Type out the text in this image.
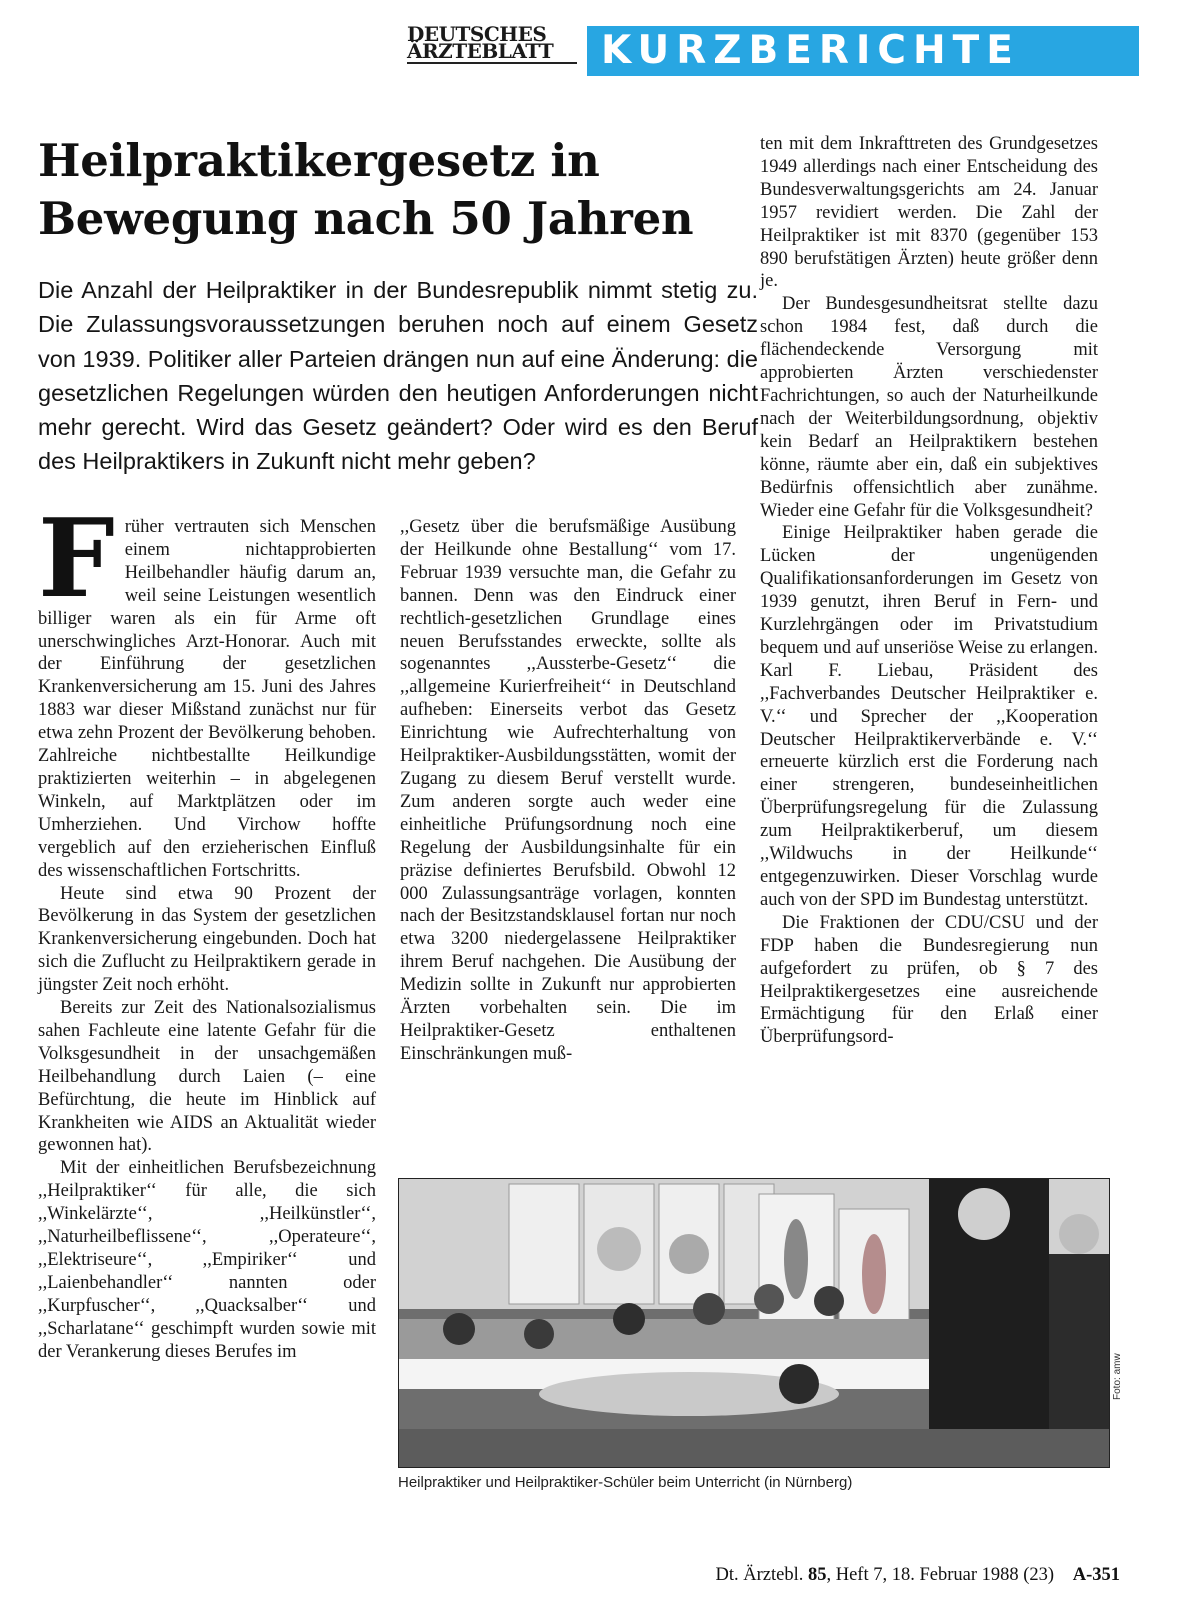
DEUTSCHES
ÄRZTEBLATT	KURZBERICHTE
Heilpraktikergesetz in
Bewegung nach 50 Jahren

Die Anzahl der Heilpraktiker in der Bundesrepublik nimmt stetig zu. Die Zulassungsvoraussetzungen beruhen noch auf einem Gesetz von 1939. Politiker aller Parteien drängen nun auf eine Änderung: die gesetzlichen Regelungen würden den heutigen Anforderungen nicht mehr gerecht. Wird das Gesetz geändert? Oder wird es den Beruf des Heilpraktikers in Zukunft nicht mehr geben?

Früher vertrauten sich Menschen einem nichtapprobierten Heilbehandler häufig darum an, weil seine Leistungen wesentlich billiger waren als ein für Arme oft unerschwingliches Arzt-Honorar. Auch mit der Einführung der gesetzlichen Krankenversicherung am 15. Juni des Jahres 1883 war dieser Mißstand zunächst nur für etwa zehn Prozent der Bevölkerung behoben. Zahlreiche nichtbestallte Heilkundige praktizierten weiterhin – in abgelegenen Winkeln, auf Marktplätzen oder im Umherziehen. Und Virchow hoffte vergeblich auf den erzieherischen Einfluß des wissenschaftlichen Fortschritts.

Heute sind etwa 90 Prozent der Bevölkerung in das System der gesetzlichen Krankenversicherung eingebunden. Doch hat sich die Zuflucht zu Heilpraktikern gerade in jüngster Zeit noch erhöht.

Bereits zur Zeit des Nationalsozialismus sahen Fachleute eine latente Gefahr für die Volksgesundheit in der unsachgemäßen Heilbehandlung durch Laien (– eine Befürchtung, die heute im Hinblick auf Krankheiten wie AIDS an Aktualität wieder gewonnen hat).

Mit der einheitlichen Berufsbezeichnung ,,Heilpraktiker‘‘ für alle, die sich ,,Winkelärzte‘‘, ,,Heilkünstler‘‘, ,,Naturheilbeflissene‘‘, ,,Operateure‘‘, ,,Elektriseure‘‘, ,,Empiriker‘‘ und ,,Laienbehandler‘‘ nannten oder ,,Kurpfuscher‘‘, ,,Quacksalber‘‘ und ,,Scharlatane‘‘ geschimpft wurden sowie mit der Verankerung dieses Berufes im

,,Gesetz über die berufsmäßige Ausübung der Heilkunde ohne Bestallung‘‘ vom 17. Februar 1939 versuchte man, die Gefahr zu bannen. Denn was den Eindruck einer rechtlich-gesetzlichen Grundlage eines neuen Berufsstandes erweckte, sollte als sogenanntes ,,Aussterbe-Gesetz‘‘ die ,,allgemeine Kurierfreiheit‘‘ in Deutschland aufheben: Einerseits verbot das Gesetz Einrichtung wie Aufrechterhaltung von Heilpraktiker-Ausbildungsstätten, womit der Zugang zu diesem Beruf verstellt wurde. Zum anderen sorgte auch weder eine einheitliche Prüfungsordnung noch eine Regelung der Ausbildungsinhalte für ein präzise definiertes Berufsbild. Obwohl 12 000 Zulassungsanträge vorlagen, konnten nach der Besitzstandsklausel fortan nur noch etwa 3200 niedergelassene Heilpraktiker ihrem Beruf nachgehen. Die Ausübung der Medizin sollte in Zukunft nur approbierten Ärzten vorbehalten sein. Die im Heilpraktiker-Gesetz enthaltenen Einschränkungen muß-

ten mit dem Inkrafttreten des Grundgesetzes 1949 allerdings nach einer Entscheidung des Bundesverwaltungsgerichts am 24. Januar 1957 revidiert werden. Die Zahl der Heilpraktiker ist mit 8370 (gegenüber 153 890 berufstätigen Ärzten) heute größer denn je.

Der Bundesgesundheitsrat stellte dazu schon 1984 fest, daß durch die flächendeckende Versorgung mit approbierten Ärzten verschiedenster Fachrichtungen, so auch der Naturheilkunde nach der Weiterbildungsordnung, objektiv kein Bedarf an Heilpraktikern bestehen könne, räumte aber ein, daß ein subjektives Bedürfnis offensichtlich aber zunähme. Wieder eine Gefahr für die Volksgesundheit?

Einige Heilpraktiker haben gerade die Lücken der ungenügenden Qualifikationsanforderungen im Gesetz von 1939 genutzt, ihren Beruf in Fern- und Kurzlehrgängen oder im Privatstudium bequem und auf unseriöse Weise zu erlangen. Karl F. Liebau, Präsident des ,,Fachverbandes Deutscher Heilpraktiker e. V.‘‘ und Sprecher der ,,Kooperation Deutscher Heilpraktikerverbände e. V.‘‘ erneuerte kürzlich erst die Forderung nach einer strengeren, bundeseinheitlichen Überprüfungsregelung für die Zulassung zum Heilpraktikerberuf, um diesem ,,Wildwuchs in der Heilkunde‘‘ entgegenzuwirken. Dieser Vorschlag wurde auch von der SPD im Bundestag unterstützt.

Die Fraktionen der CDU/CSU und der FDP haben die Bundesregierung nun aufgefordert zu prüfen, ob § 7 des Heilpraktikergesetzes eine ausreichende Ermächtigung für den Erlaß einer Überprüfungsord-

Foto: amw
Heilpraktiker und Heilpraktiker-Schüler beim Unterricht (in Nürnberg)
Dt. Ärztebl. 85, Heft 7, 18. Februar 1988 (23) A-351
